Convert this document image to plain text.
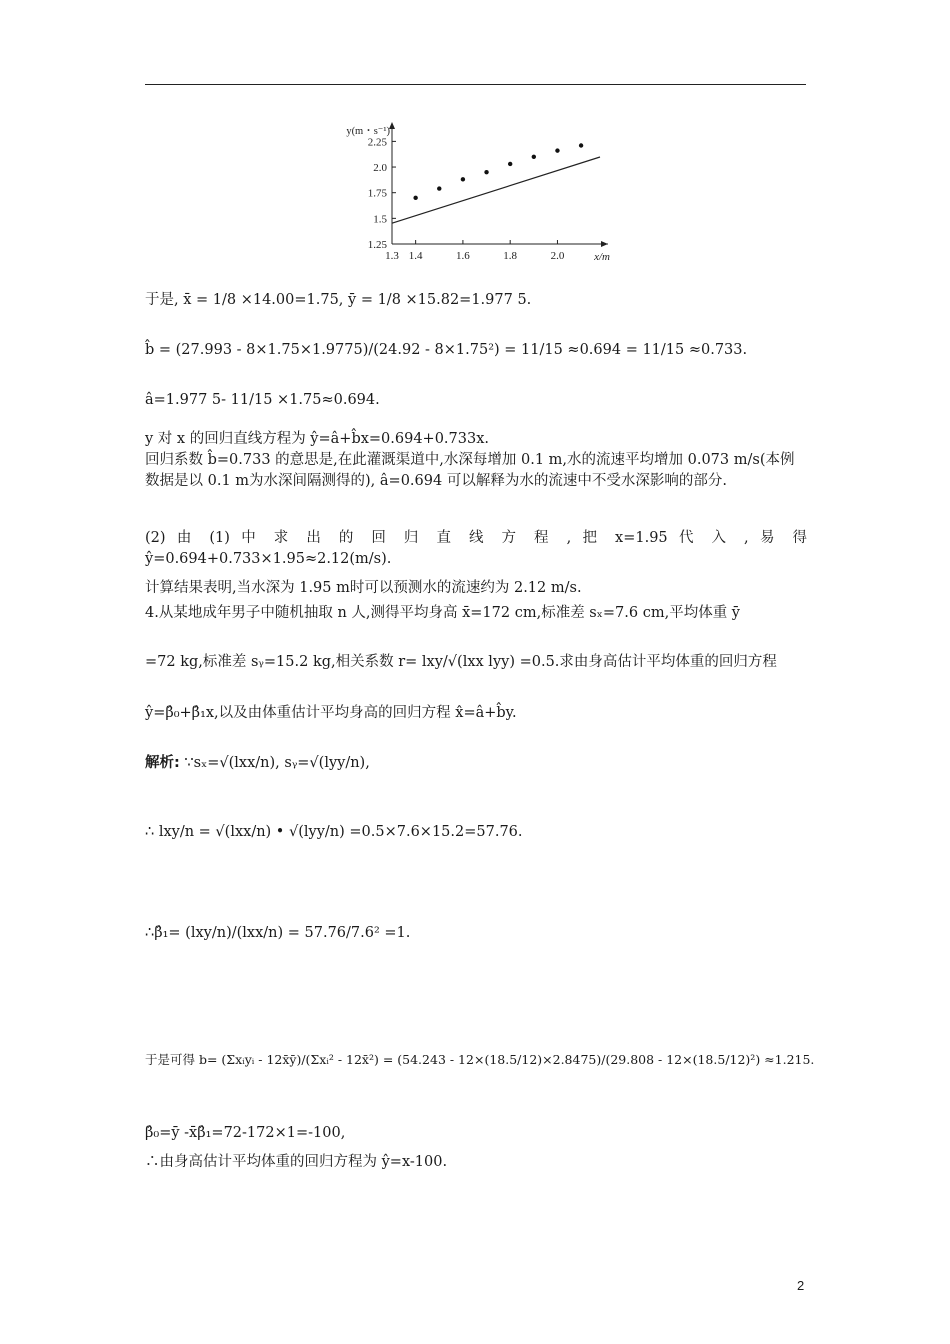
1.25
1.5
1.75
2.0
2.25
1.3 1.4	1.6	1.8	2.0	x/m
y(m・s⁻¹)
于是, x̄ = 1/8 ×14.00=1.75, ȳ = 1/8 ×15.82=1.977 5.
b̂ = (27.993 - 8×1.75×1.9775)/(24.92 - 8×1.75²) = 11/15 ≈0.694 = 11/15 ≈0.733.
â=1.977 5- 11/15 ×1.75≈0.694.
y 对 x 的回归直线方程为 ŷ=â+b̂x=0.694+0.733x.
回归系数 b̂=0.733 的意思是,在此灌溉渠道中,水深每增加 0.1 m,水的流速平均增加 0.073 m/s(本例数据是以 0.1 m为水深间隔测得的), â=0.694 可以解释为水的流速中不受水深影响的部分.
(2) 由 (1) 中 求 出 的 回 归 直 线 方 程 , 把 x=1.95 代 入 , 易 得
ŷ=0.694+0.733×1.95≈2.12(m/s).
计算结果表明,当水深为 1.95 m时可以预测水的流速约为 2.12 m/s.
4.从某地成年男子中随机抽取 n 人,测得平均身高 x̄=172 cm,标准差 sₓ=7.6 cm,平均体重 ȳ
=72 kg,标准差 sᵧ=15.2 kg,相关系数 r= lxy/√(lxx lyy) =0.5.求由身高估计平均体重的回归方程
ŷ=β̂₀+β̂₁x,以及由体重估计平均身高的回归方程 x̂=â+b̂y.
解析: ∵sₓ=√(lxx/n), sᵧ=√(lyy/n),
∴ lxy/n = √(lxx/n) • √(lyy/n) =0.5×7.6×15.2=57.76.
∴β̂₁= (lxy/n)/(lxx/n) = 57.76/7.6² =1.
于是可得 b= (Σxᵢyᵢ - 12x̄ȳ)/(Σxᵢ² - 12x̄²) = (54.243 - 12×(18.5/12)×2.8475)/(29.808 - 12×(18.5/12)²) ≈1.215.
β̂₀=ȳ -x̄β̂₁=72-172×1=-100,
∴由身高估计平均体重的回归方程为 ŷ=x-100.
2
